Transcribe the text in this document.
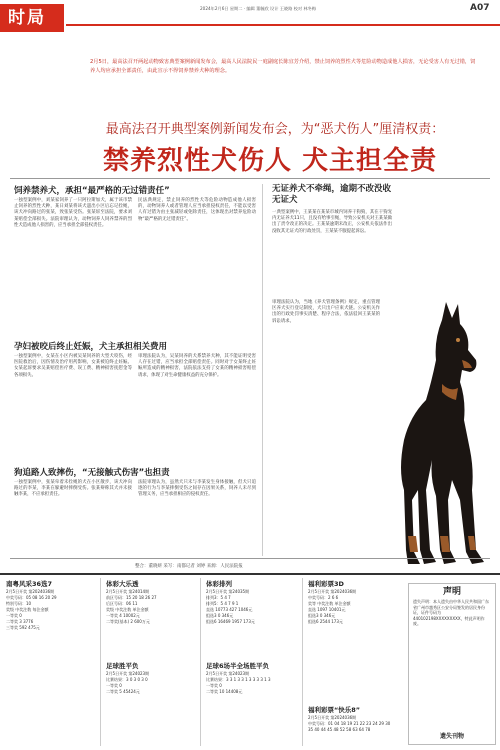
时局	2024年2月6日 星期二 · 编辑 董毓欣 设计 王晓路 校对 林冬梅	A07
2月5日，最高法召开两起动物致害典型案例新闻发布会，最高人民法院民一庭副庭长陈宜芳介绍，禁止饲养的烈性犬等危险动物造成他人损害，无论受害人有无过错，饲养人均应承担全部责任，由此宣示不得饲养禁养犬种的理念。
最高法召开典型案例新闻发布会，为“恶犬伤人”厘清权责：
禁养烈性犬伤人 犬主担全责
饲养禁养犬，承担“最严格的无过错责任”
一独型案例中，刘某家饲养了一只阿拉斯加犬，属于该市禁止饲养的烈性犬种，某日刘某将该犬遛出小区后忘记拴绳，该犬冲向路过的张某，致张某受伤。张某诉至法院，要求刘某赔偿全部损失。法院审理认为，动物饲养人饲养禁养的烈性犬造成他人损害的，应当承担全部侵权责任。
民法典规定，禁止饲养的烈性犬等危险动物造成他人损害的，动物饲养人或者管理人应当承担侵权责任，不能以受害人有过错为由主张减轻或免除责任，这体现出对禁养危险动物“最严格的无过错责任”。
孕妇被咬后终止妊娠，犬主承担相关费用
一独型案例中，女某在小区内被吴某饲养的大型犬咬伤，经医院救治后，因伤情及治疗用药影响，女某被迫终止妊娠。女某起诉要求吴某赔偿医疗费、误工费、精神损害抚慰金等各项损失。
审理法院认为，吴某饲养的犬系禁养犬种，其不能证明受害人存在过错，应当承担全部赔偿责任。同时对于女某终止妊娠所造成的精神损害，法院依法支持了女某的精神损害赔偿请求，体现了对生命健康权益的充分保护。
狗追路人致摔伤，“无接触式伤害”也担责
一独型案例中，张某牵着未拴绳的犬在小区散步，该犬冲向路过的李某，李某在躲避时摔倒受伤。张某辩称其犬并未接触李某，不应承担责任。
法院审理认为，虽然犬只未与李某发生身体接触，但犬只追逐的行为与李某摔倒受伤之间存在因果关系，饲养人未尽到管理义务，应当承担相应的侵权责任。
无证养犬不牵绳，逾期不改没收无证犬
一典型案例中，王某某在某某市城内饲养干狗狗，其在干狗宠内无证养犬11只，且没有给事引绳，导致公安机关对王某某做出了责令改正的决定。王某某逾期未改正，公安机关依法作出没收其无证犬的行政处罚，王某某不服提起诉讼。
审理法院认为，当地《养犬管理条例》规定，重点管理区养犬实行登记制度，犬只出户应束犬链。公安机关作出的行政处罚事实清楚、程序合法，依法驳回王某某的诉讼请求。
整合：董晓妍 采写：南都记者 刘婷 来源：人民法院报
南粤风采36选7
2月5日开奖 第2024036期
中奖号码：05 08 16 20 29
特别号码：10
奖级 中奖注数 每注金额
一等奖 0
二等奖 3 3776
三等奖 592 475元
体彩大乐透
2月5日开奖 第24014期
前区号码：15 20 18 26 27
后区号码：06 11
奖级 中奖注数 单注金额
一等奖 4 10002元
二等奖(基本) 2 600万元
足球胜平负
2月5日开奖 第24023期
比赛结果：3 0 3 0 3 0
一等奖 0
二等奖 5 45424元
体彩排列
2月5日开奖 第24035期
排列3：5 4 7
排列5：5 4 7 9 1
直选 10773 427 1046元
组选3 0 346元
组选6 16469 1957 173元
足球6场半全场胜平负
2月5日开奖 第24023期
比赛结果：3 3 1 3 3 1 3 3 3 3 1 3
一等奖 0
二等奖 10 14408元
福利彩票3D
2月5日开奖 第2024036期
中奖号码：2 6 6
奖等 中奖注数 单注金额
直选 1097 10401元
组选3 0 346元
组选6 2544 173元
福利彩票“快乐8”
2月5日开奖 第2024036期
中奖号码：01 04 18 19 21 22 23 24 29 30
35 40 44 45 48 52 58 63 64 78
声明
遗失声明：本人遗失由中华人民共和国广东省广州市越秀区公安分局签发的居民身份证，证件号码为440102198XXXXXXXXX，特此声明作废。
遗失刊物
